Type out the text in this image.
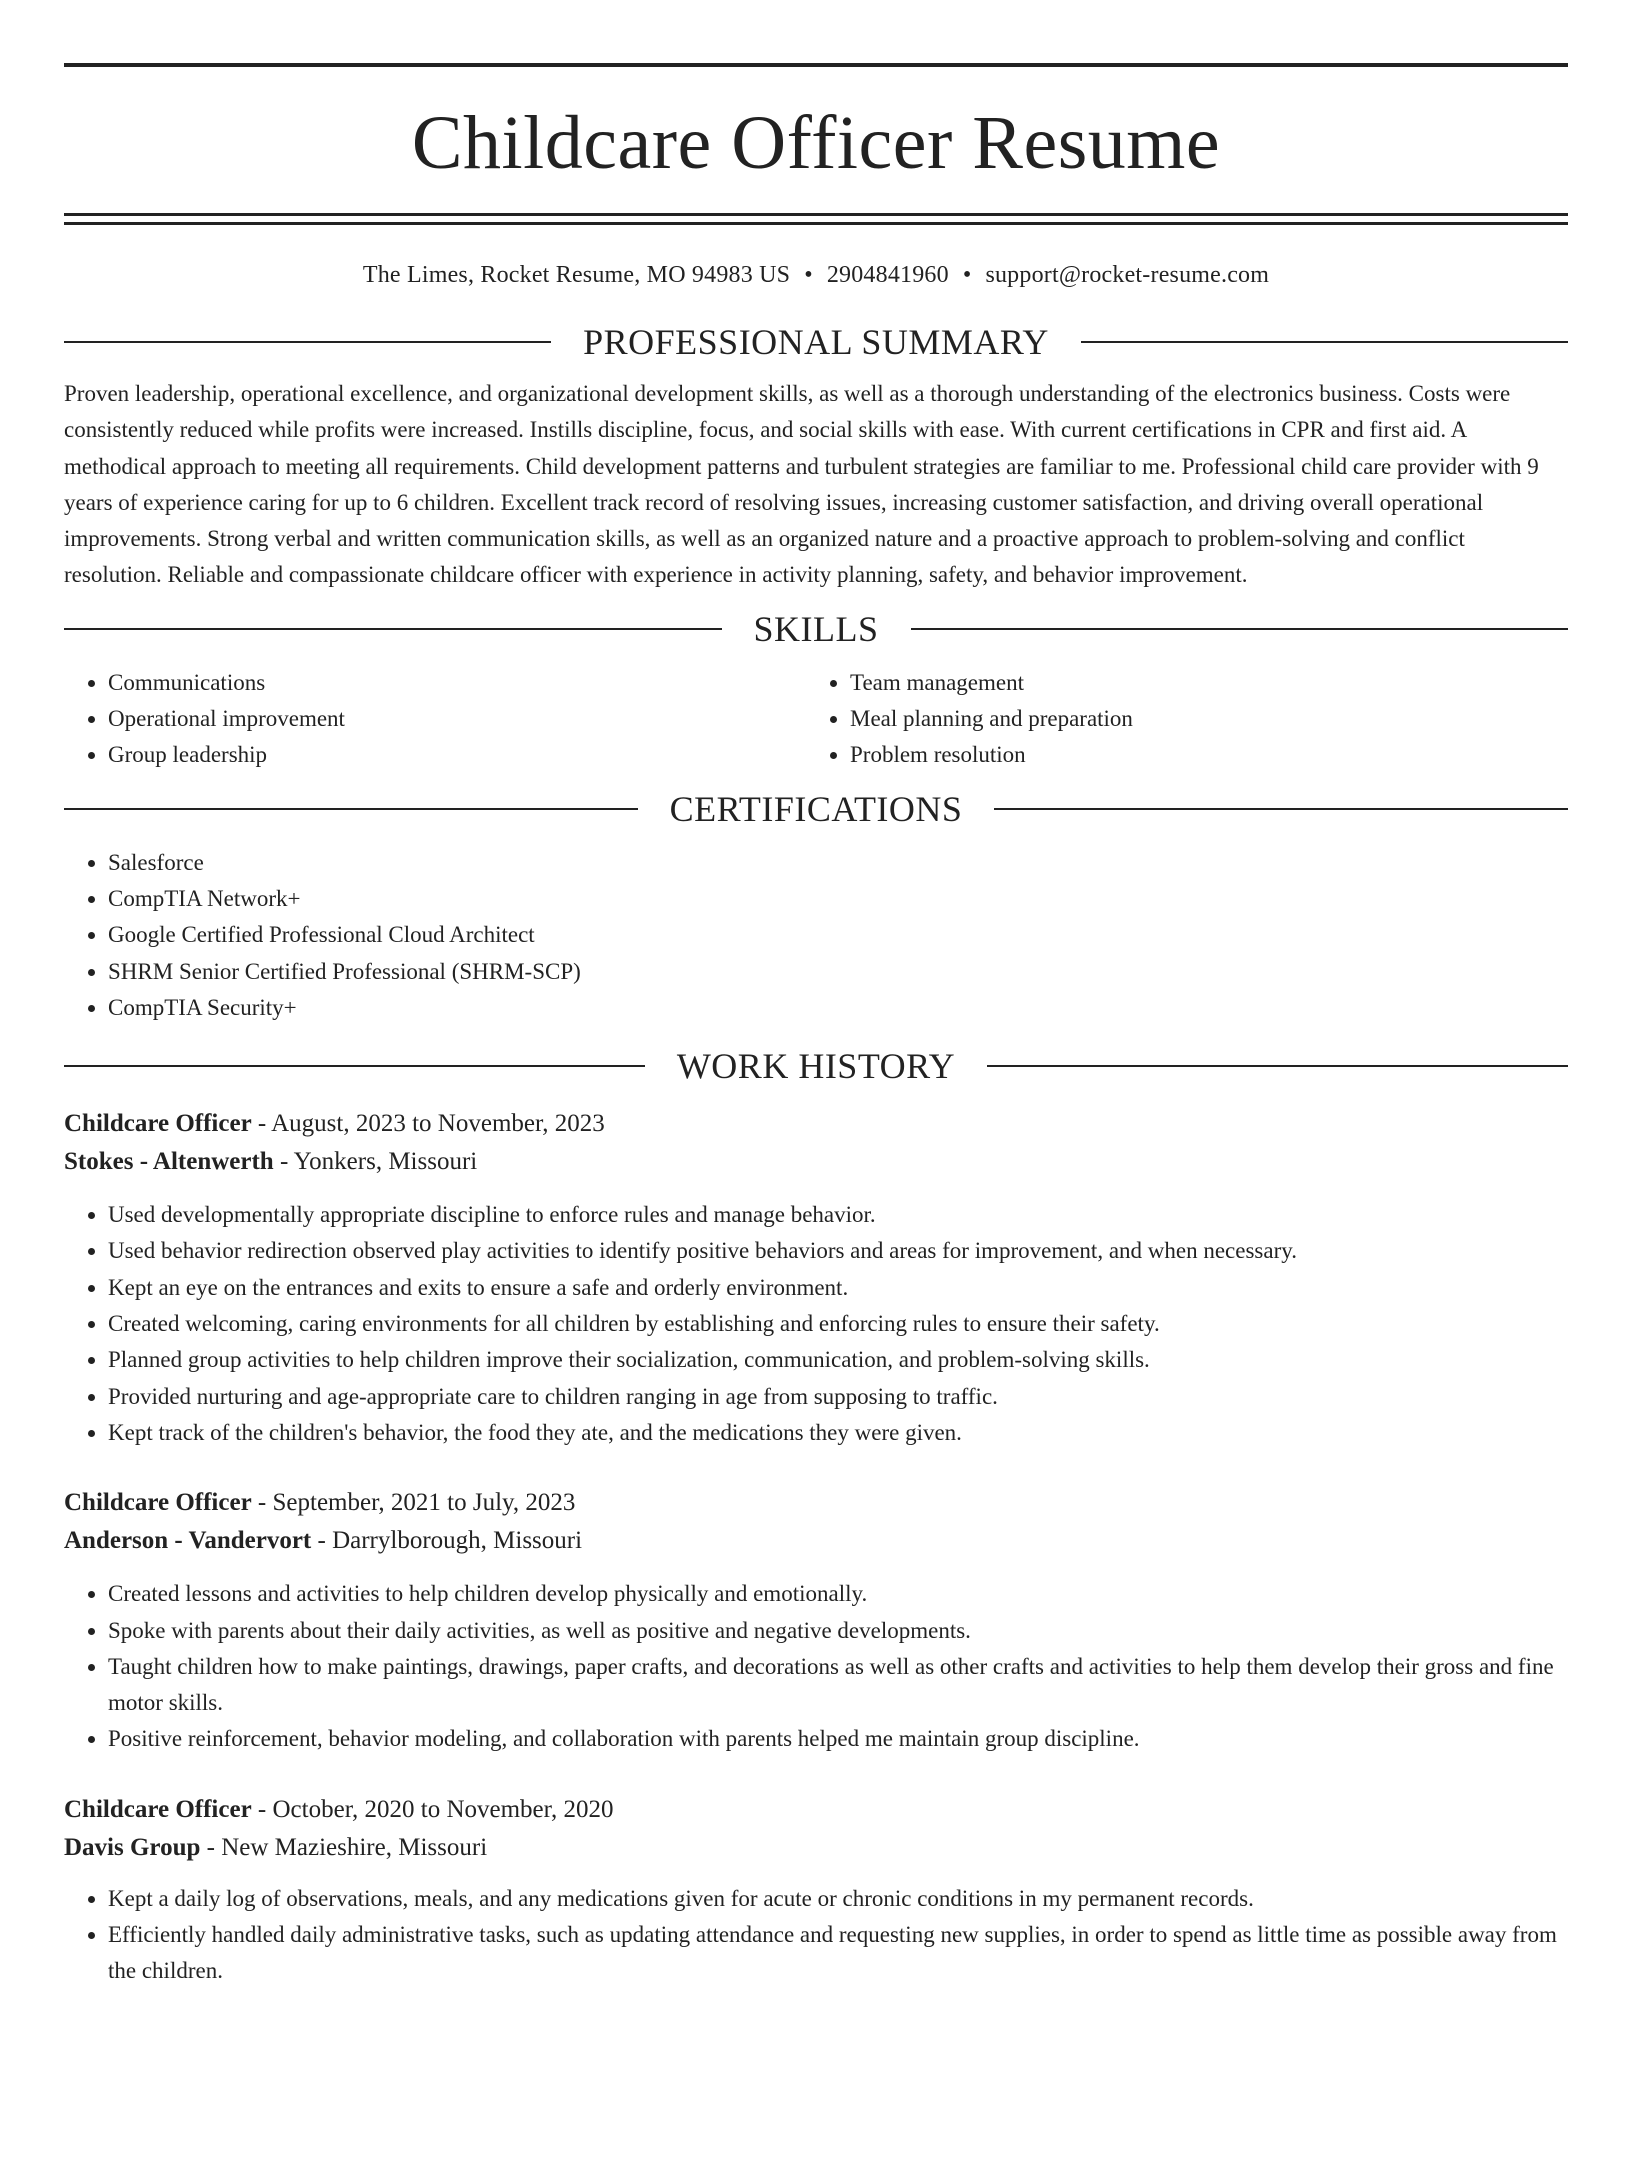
Childcare Officer Resume
The Limes, Rocket Resume, MO 94983 US • 2904841960 • support@rocket-resume.com
PROFESSIONAL SUMMARY

Proven leadership, operational excellence, and organizational development skills, as well as a thorough understanding of the electronics business. Costs were consistently reduced while profits were increased. Instills discipline, focus, and social skills with ease. With current certifications in CPR and first aid. A methodical approach to meeting all requirements. Child development patterns and turbulent strategies are familiar to me. Professional child care provider with 9 years of experience caring for up to 6 children. Excellent track record of resolving issues, increasing customer satisfaction, and driving overall operational improvements. Strong verbal and written communication skills, as well as an organized nature and a proactive approach to problem-solving and conflict resolution. Reliable and compassionate childcare officer with experience in activity planning, safety, and behavior improvement.

SKILLS
• Communications
• Operational improvement
• Group leadership
• Team management
• Meal planning and preparation
• Problem resolution
CERTIFICATIONS
• Salesforce
• CompTIA Network+
• Google Certified Professional Cloud Architect
• SHRM Senior Certified Professional (SHRM-SCP)
• CompTIA Security+
WORK HISTORY
Childcare Officer - August, 2023 to November, 2023
Stokes - Altenwerth - Yonkers, Missouri
• Used developmentally appropriate discipline to enforce rules and manage behavior.
• Used behavior redirection observed play activities to identify positive behaviors and areas for improvement, and when necessary.
• Kept an eye on the entrances and exits to ensure a safe and orderly environment.
• Created welcoming, caring environments for all children by establishing and enforcing rules to ensure their safety.
• Planned group activities to help children improve their socialization, communication, and problem-solving skills.
• Provided nurturing and age-appropriate care to children ranging in age from supposing to traffic.
• Kept track of the children's behavior, the food they ate, and the medications they were given.
Childcare Officer - September, 2021 to July, 2023
Anderson - Vandervort - Darrylborough, Missouri
• Created lessons and activities to help children develop physically and emotionally.
• Spoke with parents about their daily activities, as well as positive and negative developments.
• Taught children how to make paintings, drawings, paper crafts, and decorations as well as other crafts and activities to help them develop their gross and fine motor skills.
• Positive reinforcement, behavior modeling, and collaboration with parents helped me maintain group discipline.
Childcare Officer - October, 2020 to November, 2020
Davis Group - New Mazieshire, Missouri
• Kept a daily log of observations, meals, and any medications given for acute or chronic conditions in my permanent records.
• Efficiently handled daily administrative tasks, such as updating attendance and requesting new supplies, in order to spend as little time as possible away from the children.
